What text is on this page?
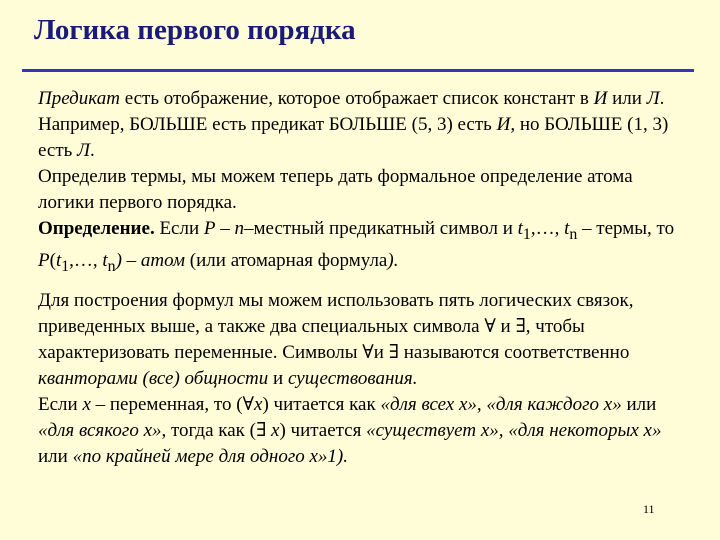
Логика первого порядка

Предикат есть отображение, которое отображает список констант в И или Л.

Например, БОЛЬШЕ есть предикат БОЛЬШЕ (5, 3) есть И, но БОЛЬШЕ (1, 3) есть Л.

Определив термы, мы можем теперь дать формальное определение атома логики первого порядка.

Определение. Если Р – n–местный предикатный символ и $t_1,\dots$, $t_n$ – термы, то $P(t_1,\dots$, $t_n$) – атом (или атомарная формула).

Для построения формул мы можем использовать пять логических связок, приведенных выше, а также два специальных символа ∀ и ∃, чтобы характеризовать переменные. Символы ∀и ∃ называются соответственно кванторами (все) общности и существования.

Если х – переменная, то (∀х) читается как «для всех х», «для каждого х» или «для всякого х», тогда как (∃ х) читается «существует х», «для некоторых х» или «по крайней мере для одного х»1).

11
